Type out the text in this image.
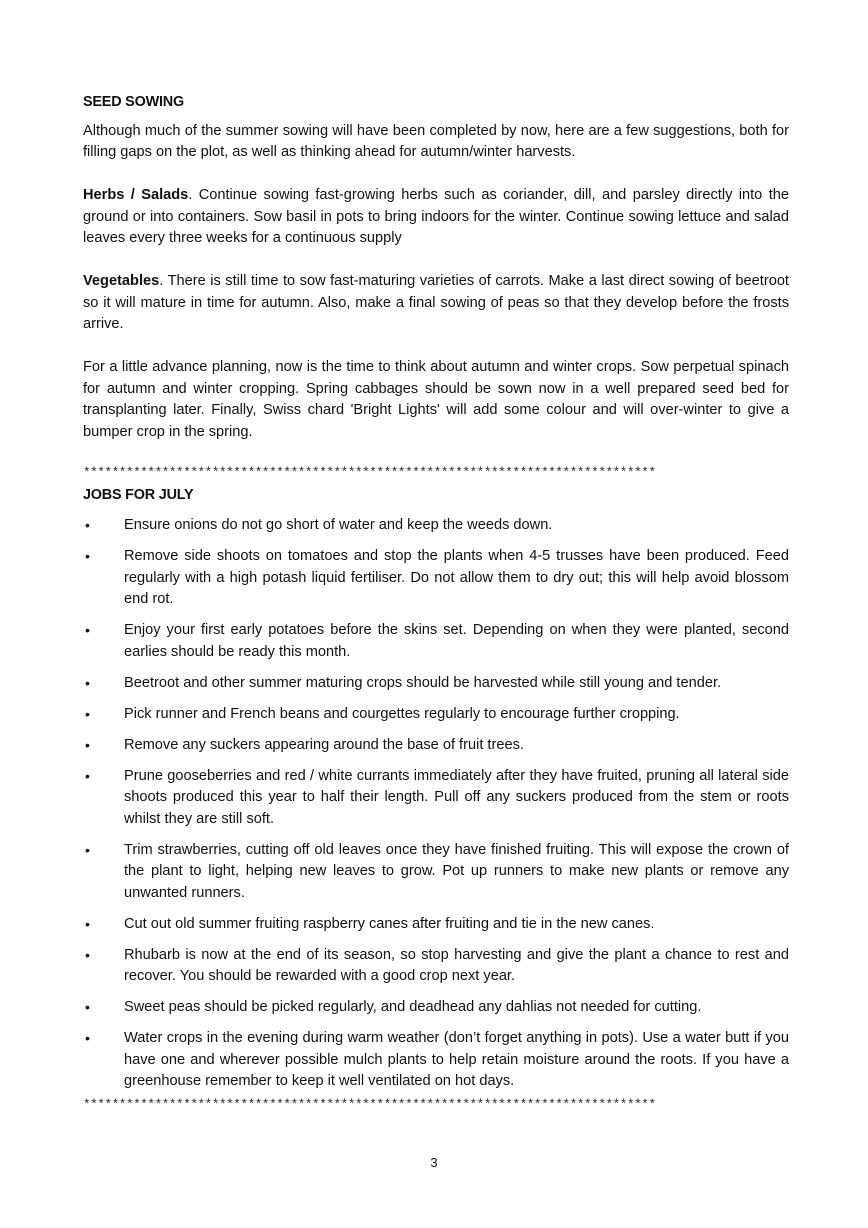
SEED SOWING

Although much of the summer sowing will have been completed by now, here are a few suggestions, both for filling gaps on the plot, as well as thinking ahead for autumn/winter harvests.

Herbs / Salads. Continue sowing fast-growing herbs such as coriander, dill, and parsley directly into the ground or into containers. Sow basil in pots to bring indoors for the winter. Continue sowing lettuce and salad leaves every three weeks for a continuous supply

Vegetables. There is still time to sow fast-maturing varieties of carrots. Make a last direct sowing of beetroot so it will mature in time for autumn. Also, make a final sowing of peas so that they develop before the frosts arrive.

For a little advance planning, now is the time to think about autumn and winter crops. Sow perpetual spinach for autumn and winter cropping. Spring cabbages should be sown now in a well prepared seed bed for transplanting later. Finally, Swiss chard 'Bright Lights' will add some colour and will over-winter to give a bumper crop in the spring.

********************************************************************************
JOBS FOR JULY
• Ensure onions do not go short of water and keep the weeds down.
• Remove side shoots on tomatoes and stop the plants when 4-5 trusses have been produced. Feed regularly with a high potash liquid fertiliser. Do not allow them to dry out; this will help avoid blossom end rot.
• Enjoy your first early potatoes before the skins set. Depending on when they were planted, second earlies should be ready this month.
• Beetroot and other summer maturing crops should be harvested while still young and tender.
• Pick runner and French beans and courgettes regularly to encourage further cropping.
• Remove any suckers appearing around the base of fruit trees.
• Prune gooseberries and red / white currants immediately after they have fruited, pruning all lateral side shoots produced this year to half their length. Pull off any suckers produced from the stem or roots whilst they are still soft.
• Trim strawberries, cutting off old leaves once they have finished fruiting. This will expose the crown of the plant to light, helping new leaves to grow. Pot up runners to make new plants or remove any unwanted runners.
• Cut out old summer fruiting raspberry canes after fruiting and tie in the new canes.
• Rhubarb is now at the end of its season, so stop harvesting and give the plant a chance to rest and recover. You should be rewarded with a good crop next year.
• Sweet peas should be picked regularly, and deadhead any dahlias not needed for cutting.
• Water crops in the evening during warm weather (don’t forget anything in pots). Use a water butt if you have one and wherever possible mulch plants to help retain moisture around the roots. If you have a greenhouse remember to keep it well ventilated on hot days.
********************************************************************************
3
